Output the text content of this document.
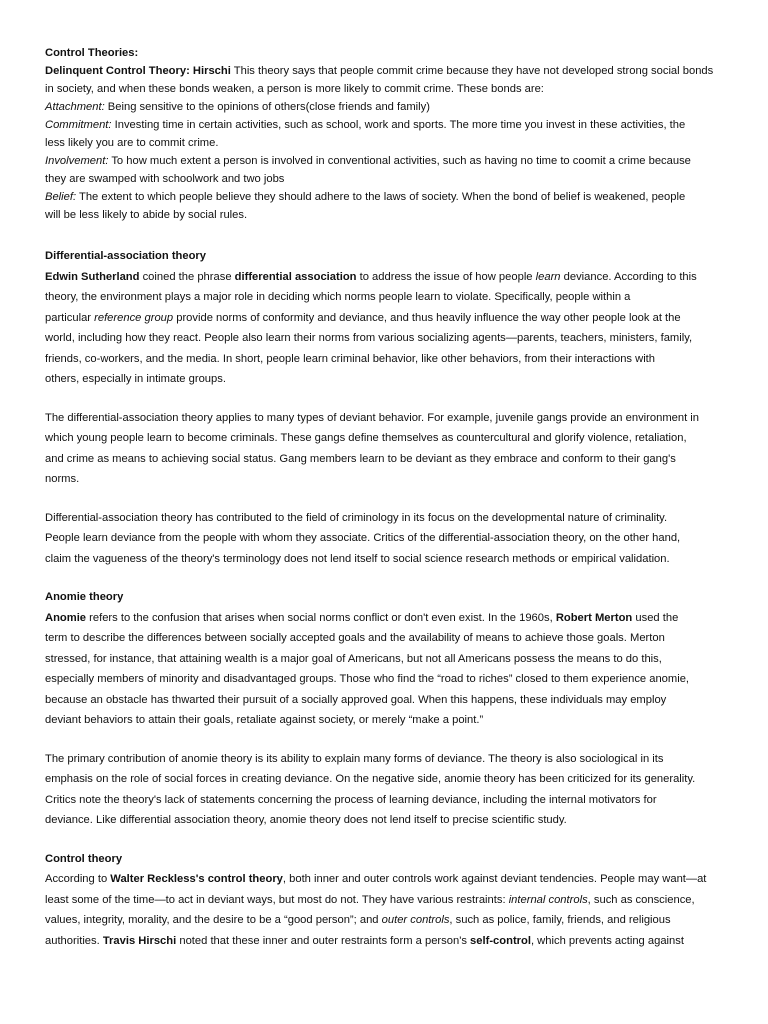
Control Theories:
Delinquent Control Theory: Hirschi This theory says that people commit crime because they have not developed strong social bonds
in society, and when these bonds weaken, a person is more likely to commit crime. These bonds are:
Attachment: Being sensitive to the opinions of others(close friends and family)
Commitment: Investing time in certain activities, such as school, work and sports. The more time you invest in these activities, the
less likely you are to commit crime.
Involvement: To how much extent a person is involved in conventional activities, such as having no time to coomit a crime because
they are swamped with schoolwork and two jobs
Belief: The extent to which people believe they should adhere to the laws of society. When the bond of belief is weakened, people
will be less likely to abide by social rules.
Differential-association theory
Edwin Sutherland coined the phrase differential association to address the issue of how people learn deviance. According to this
theory, the environment plays a major role in deciding which norms people learn to violate. Specifically, people within a
particular reference group provide norms of conformity and deviance, and thus heavily influence the way other people look at the
world, including how they react. People also learn their norms from various socializing agents—parents, teachers, ministers, family,
friends, co-workers, and the media. In short, people learn criminal behavior, like other behaviors, from their interactions with
others, especially in intimate groups.
The differential-association theory applies to many types of deviant behavior. For example, juvenile gangs provide an environment in
which young people learn to become criminals. These gangs define themselves as countercultural and glorify violence, retaliation,
and crime as means to achieving social status. Gang members learn to be deviant as they embrace and conform to their gang's
norms.
Differential-association theory has contributed to the field of criminology in its focus on the developmental nature of criminality.
People learn deviance from the people with whom they associate. Critics of the differential-association theory, on the other hand,
claim the vagueness of the theory's terminology does not lend itself to social science research methods or empirical validation.
Anomie theory
Anomie refers to the confusion that arises when social norms conflict or don't even exist. In the 1960s, Robert Merton used the
term to describe the differences between socially accepted goals and the availability of means to achieve those goals. Merton
stressed, for instance, that attaining wealth is a major goal of Americans, but not all Americans possess the means to do this,
especially members of minority and disadvantaged groups. Those who find the “road to riches” closed to them experience anomie,
because an obstacle has thwarted their pursuit of a socially approved goal. When this happens, these individuals may employ
deviant behaviors to attain their goals, retaliate against society, or merely “make a point.”
The primary contribution of anomie theory is its ability to explain many forms of deviance. The theory is also sociological in its
emphasis on the role of social forces in creating deviance. On the negative side, anomie theory has been criticized for its generality.
Critics note the theory's lack of statements concerning the process of learning deviance, including the internal motivators for
deviance. Like differential association theory, anomie theory does not lend itself to precise scientific study.
Control theory
According to Walter Reckless's control theory, both inner and outer controls work against deviant tendencies. People may want—at
least some of the time—to act in deviant ways, but most do not. They have various restraints: internal controls, such as conscience,
values, integrity, morality, and the desire to be a “good person”; and outer controls, such as police, family, friends, and religious
authorities. Travis Hirschi noted that these inner and outer restraints form a person's self-control, which prevents acting against
